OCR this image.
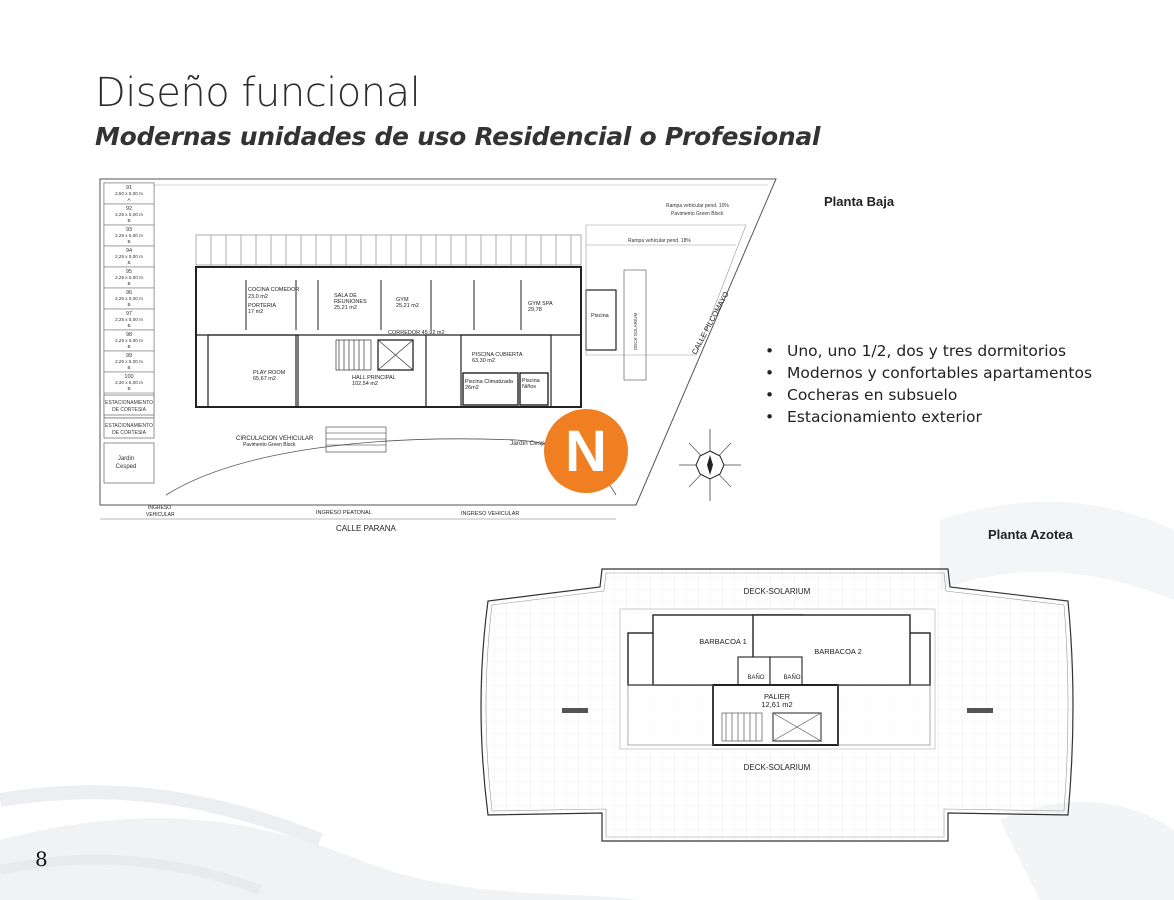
Diseño funcional
Modernas unidades de uso Residencial o Profesional
91
2,50 x 5,00 m
A
92
2,25 x 5,00 m
B
93
2,25 x 5,00 m
B
94
2,25 x 5,00 m
B
95
2,25 x 5,00 m
B
96
2,25 x 5,00 m
B
97
2,25 x 5,00 m
B
98
2,25 x 5,00 m
B
99
2,25 x 5,00 m
B
100
2,30 x 5,00 m
B
ESTACIONAMIENTO
DE CORTESIA
ESTACIONAMIENTO
DE CORTESIA
Jardin
Cesped
COCINA COMEDOR
23,0 m2
PORTERIA
17 m2
SALA DE
REUNIONES
25,21 m2
GYM
25,21 m2	GYM SPA
29,78
CORREDOR 45,92 m2
PLAY ROOM
65,67 m2	HALL PRINCIPAL
102,54 m2
PISCINA CUBIERTA
63,30 m2
Piscina Climatizada
26m2
Piscina
Niños
Piscina	DECK SOLARIUM
Rampa vehicular pend. 10%
Pavimento Green Block
Rampa vehicular pend. 18%
CIRCULACION VEHICULAR
Pavimento Green Block	Jardin Cesp
CALLE PILCOMAYO
CALLE PARANA
INGRESO
VEHICULAR	INGRESO PEATONAL	INGRESO VEHICULAR
N
Planta Baja
• Uno, uno 1/2, dos y tres dormitorios
• Modernos y confortables apartamentos
• Cocheras en subsuelo
• Estacionamiento exterior
Planta Azotea
DECK-SOLARIUM
DECK-SOLARIUM
BARBACOA 1
BARBACOA 2
BAÑO	BAÑO
PALIER
12,61 m2
8
